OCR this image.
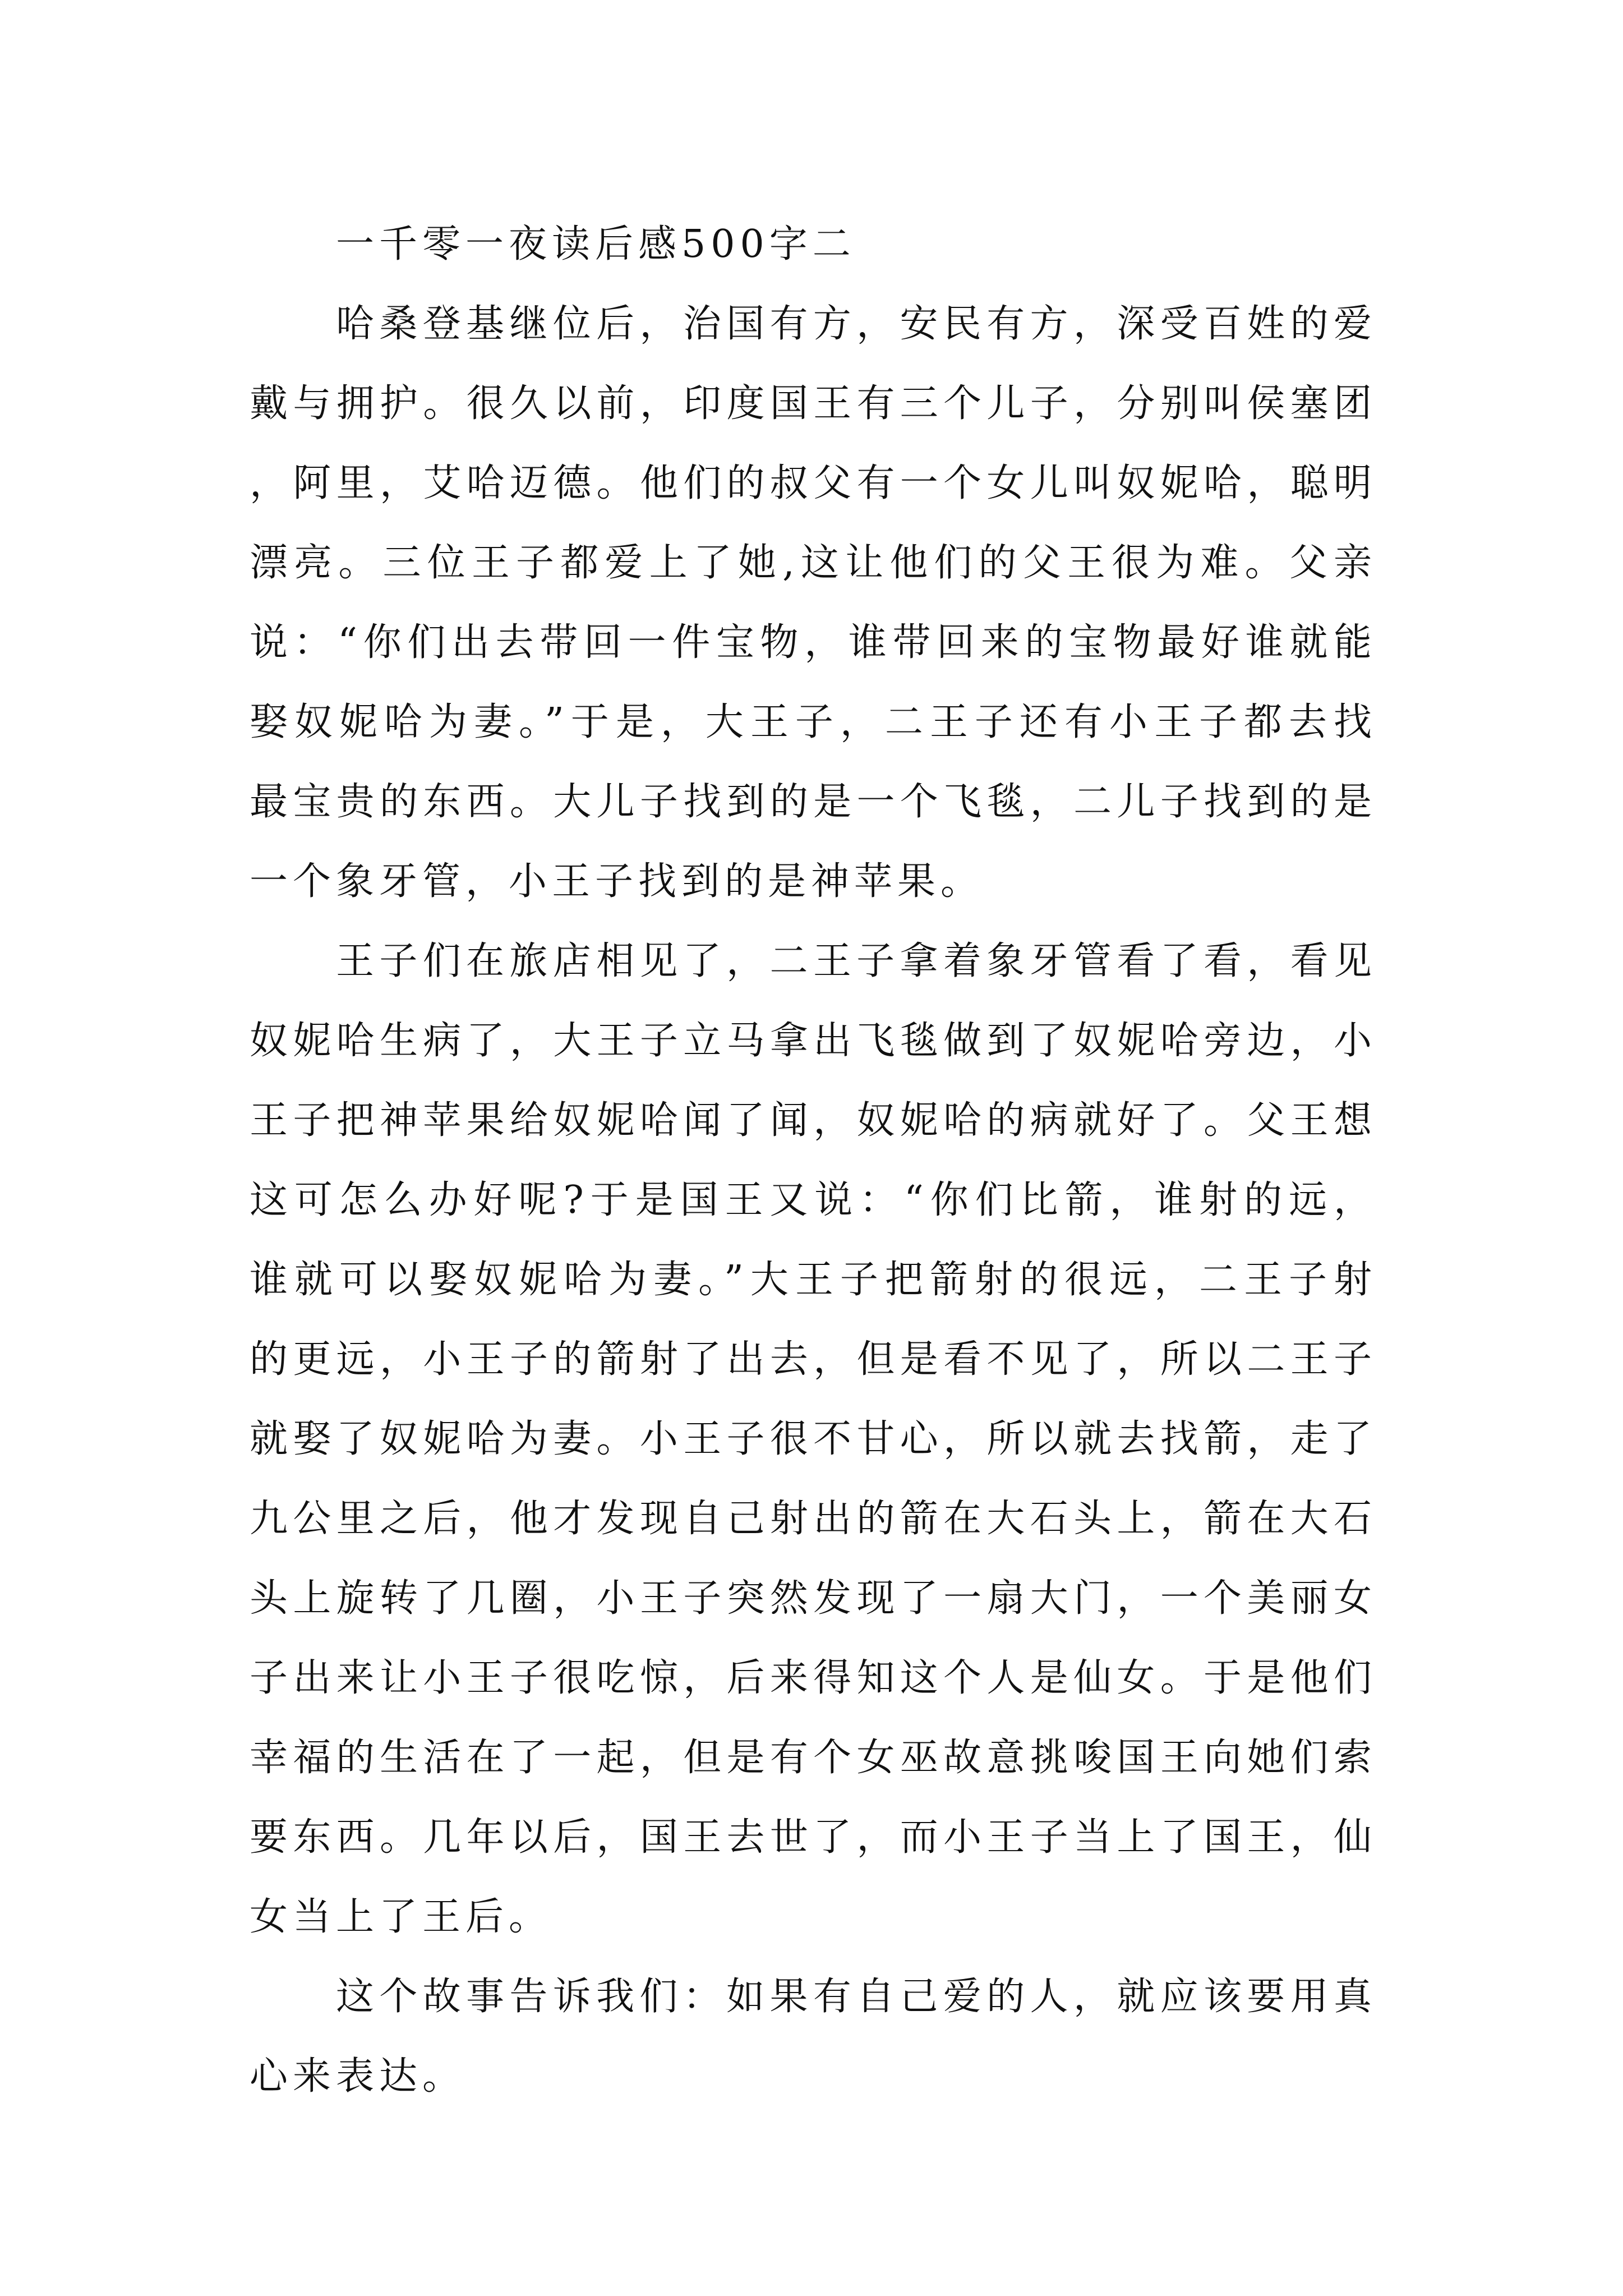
一千零一夜读后感500字二

哈桑登基继位后，治国有方，安民有方，深受百姓的爱戴与拥护。很久以前，印度国王有三个儿子，分别叫侯塞团，阿里，艾哈迈德。他们的叔父有一个女儿叫奴妮哈，聪明漂亮。三位王子都爱上了她,这让他们的父王很为难。父亲说：“你们出去带回一件宝物，谁带回来的宝物最好谁就能娶奴妮哈为妻。”于是，大王子，二王子还有小王子都去找最宝贵的东西。大儿子找到的是一个飞毯，二儿子找到的是一个象牙管，小王子找到的是神苹果。

王子们在旅店相见了，二王子拿着象牙管看了看，看见奴妮哈生病了，大王子立马拿出飞毯做到了奴妮哈旁边，小王子把神苹果给奴妮哈闻了闻，奴妮哈的病就好了。父王想这可怎么办好呢?于是国王又说：“你们比箭，谁射的远，谁就可以娶奴妮哈为妻。”大王子把箭射的很远，二王子射的更远，小王子的箭射了出去，但是看不见了，所以二王子就娶了奴妮哈为妻。小王子很不甘心，所以就去找箭，走了九公里之后，他才发现自己射出的箭在大石头上，箭在大石头上旋转了几圈，小王子突然发现了一扇大门，一个美丽女子出来让小王子很吃惊，后来得知这个人是仙女。于是他们幸福的生活在了一起，但是有个女巫故意挑唆国王向她们索要东西。几年以后，国王去世了，而小王子当上了国王，仙女当上了王后。

这个故事告诉我们：如果有自己爱的人，就应该要用真心来表达。
